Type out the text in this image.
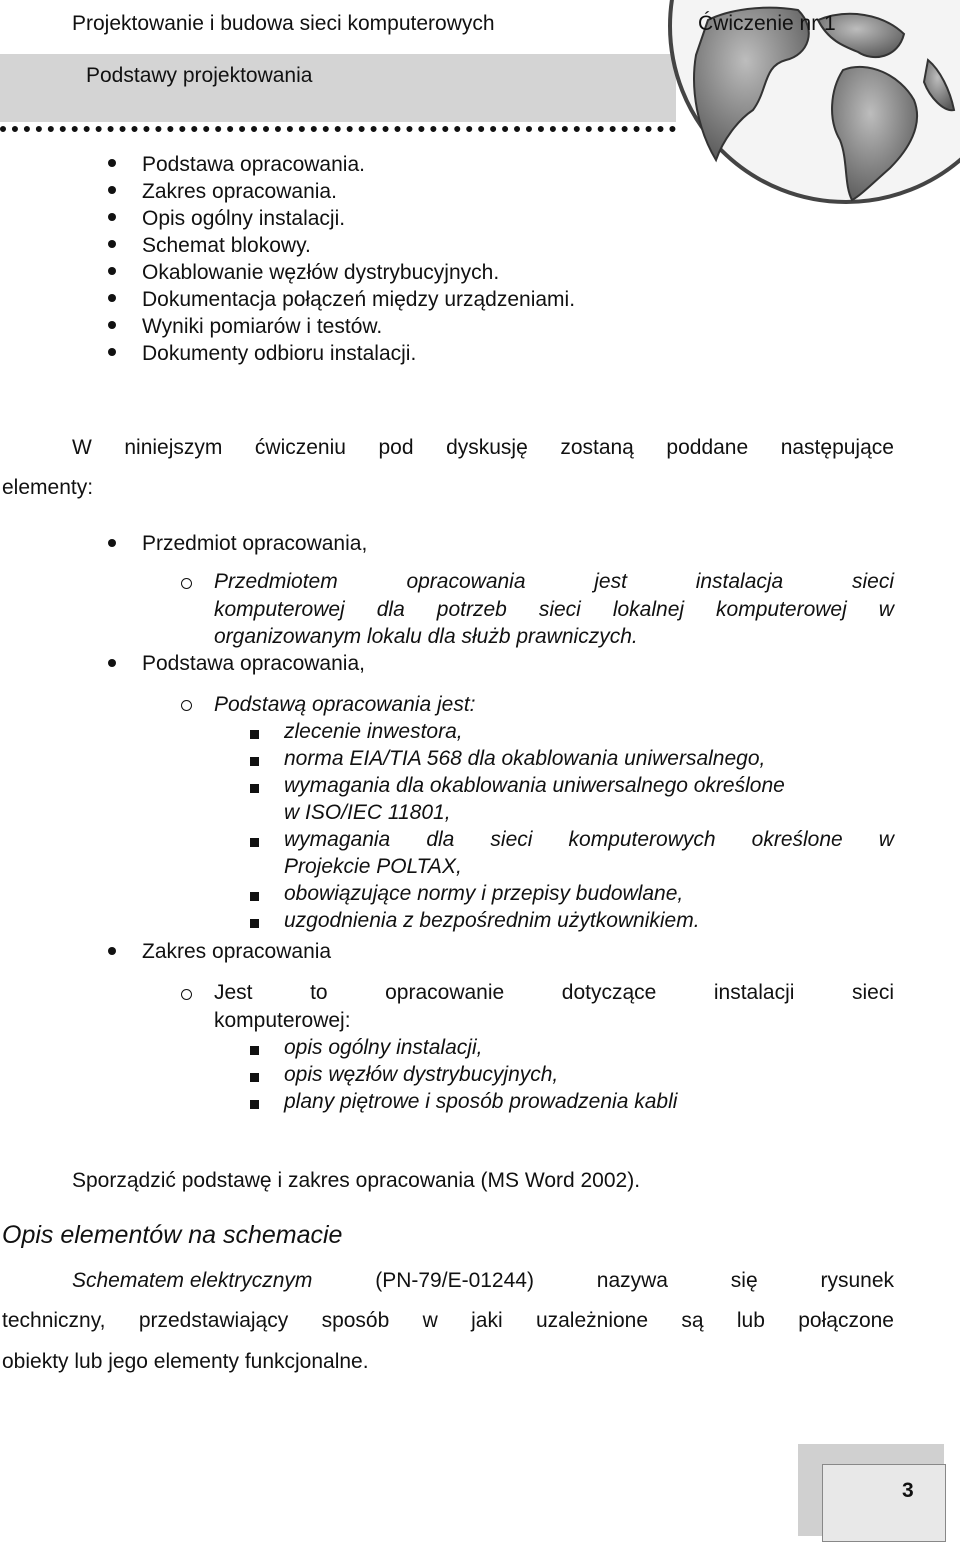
Projektowanie i budowa sieci komputerowych
Podstawy projektowania
Ćwiczenie nr 1
Podstawa opracowania.
Zakres opracowania.
Opis ogólny instalacji.
Schemat blokowy.
Okablowanie węzłów dystrybucyjnych.
Dokumentacja połączeń między urządzeniami.
Wyniki pomiarów i testów.
Dokumenty odbioru instalacji.
W niniejszym ćwiczeniu pod dyskusję zostaną poddane następujące
elementy:
Przedmiot opracowania,
Przedmiotem	opracowania	jest	instalacja	sieci
komputerowej dla potrzeb sieci lokalnej komputerowej w
organizowanym lokalu dla służb prawniczych.
Podstawa opracowania,
Podstawą opracowania jest:
zlecenie inwestora,
norma EIA/TIA 568 dla okablowania uniwersalnego,
wymagania dla okablowania uniwersalnego określone
w ISO/IEC 11801,
wymagania dla sieci komputerowych określone w
Projekcie POLTAX,
obowiązujące normy i przepisy budowlane,
uzgodnienia z bezpośrednim użytkownikiem.
Zakres opracowania
Jest	to	opracowanie	dotyczące	instalacji	sieci
komputerowej:
opis ogólny instalacji,
opis węzłów dystrybucyjnych,
plany piętrowe i sposób prowadzenia kabli
Sporządzić podstawę i zakres opracowania (MS Word 2002).
Opis elementów na schemacie
Schematem elektrycznym	(PN-79/E-01244)	nazywa	się	rysunek
techniczny, przedstawiający sposób w jaki uzależnione są lub połączone
obiekty lub jego elementy funkcjonalne.
3
